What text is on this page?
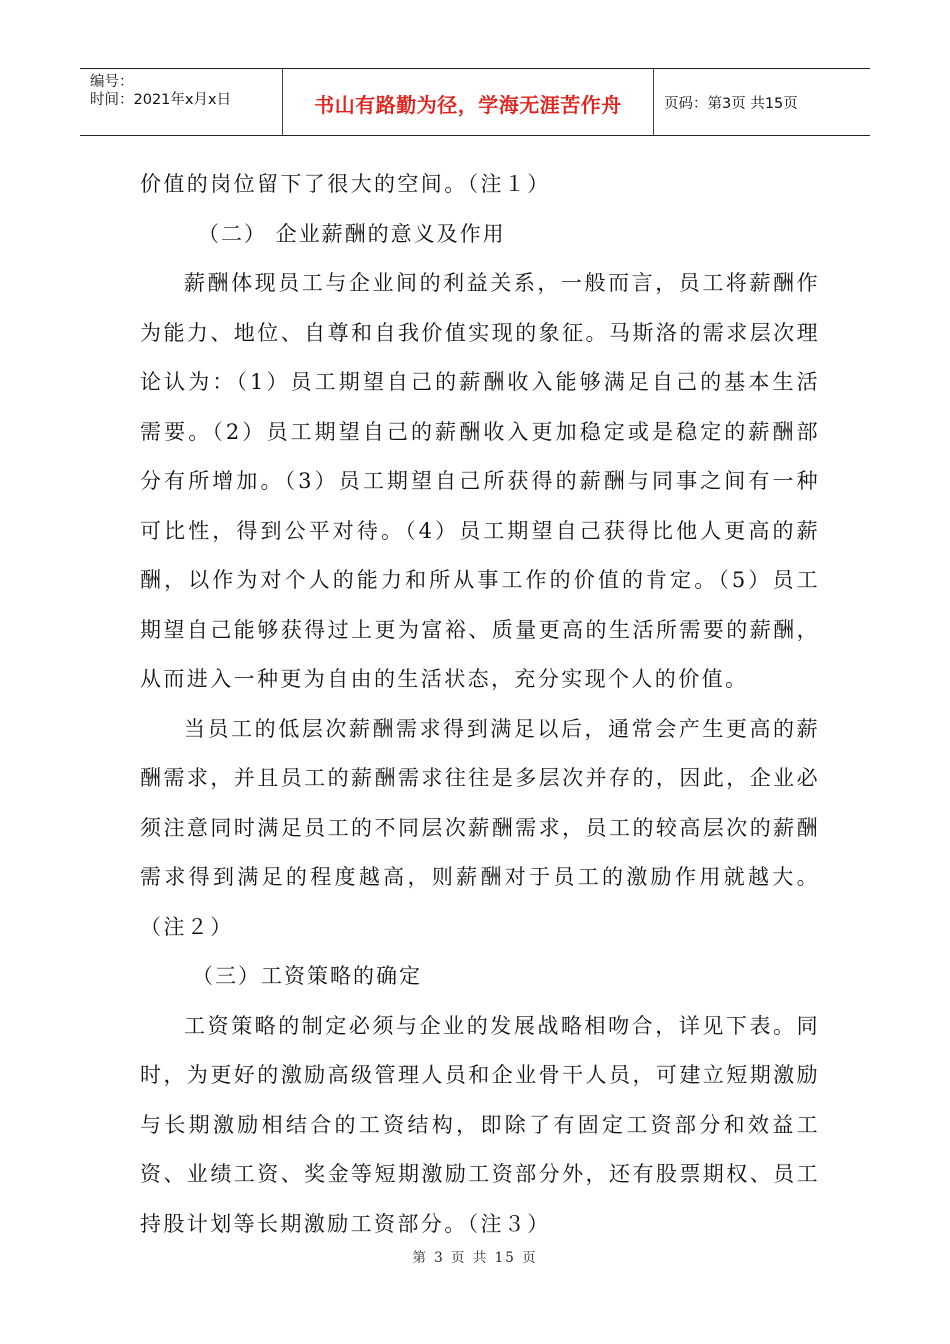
编号：
时间：2021年x月x日	书山有路勤为径，学海无涯苦作舟	页码：第3页 共15页

价值的岗位留下了很大的空间。（注１）

（二） 企业薪酬的意义及作用

薪酬体现员工与企业间的利益关系，一般而言，员工将薪酬作为能力、地位、自尊和自我价值实现的象征。马斯洛的需求层次理论认为：（1）员工期望自己的薪酬收入能够满足自己的基本生活需要。（2）员工期望自己的薪酬收入更加稳定或是稳定的薪酬部分有所增加。（3）员工期望自己所获得的薪酬与同事之间有一种可比性，得到公平对待。（4）员工期望自己获得比他人更高的薪酬，以作为对个人的能力和所从事工作的价值的肯定。（5）员工期望自己能够获得过上更为富裕、质量更高的生活所需要的薪酬，从而进入一种更为自由的生活状态，充分实现个人的价值。

当员工的低层次薪酬需求得到满足以后，通常会产生更高的薪酬需求，并且员工的薪酬需求往往是多层次并存的，因此，企业必须注意同时满足员工的不同层次薪酬需求，员工的较高层次的薪酬需求得到满足的程度越高，则薪酬对于员工的激励作用就越大。（注２）

（三）工资策略的确定

工资策略的制定必须与企业的发展战略相吻合，详见下表。同时，为更好的激励高级管理人员和企业骨干人员，可建立短期激励与长期激励相结合的工资结构，即除了有固定工资部分和效益工资、业绩工资、奖金等短期激励工资部分外，还有股票期权、员工持股计划等长期激励工资部分。（注３）

第 3 页 共 15 页
